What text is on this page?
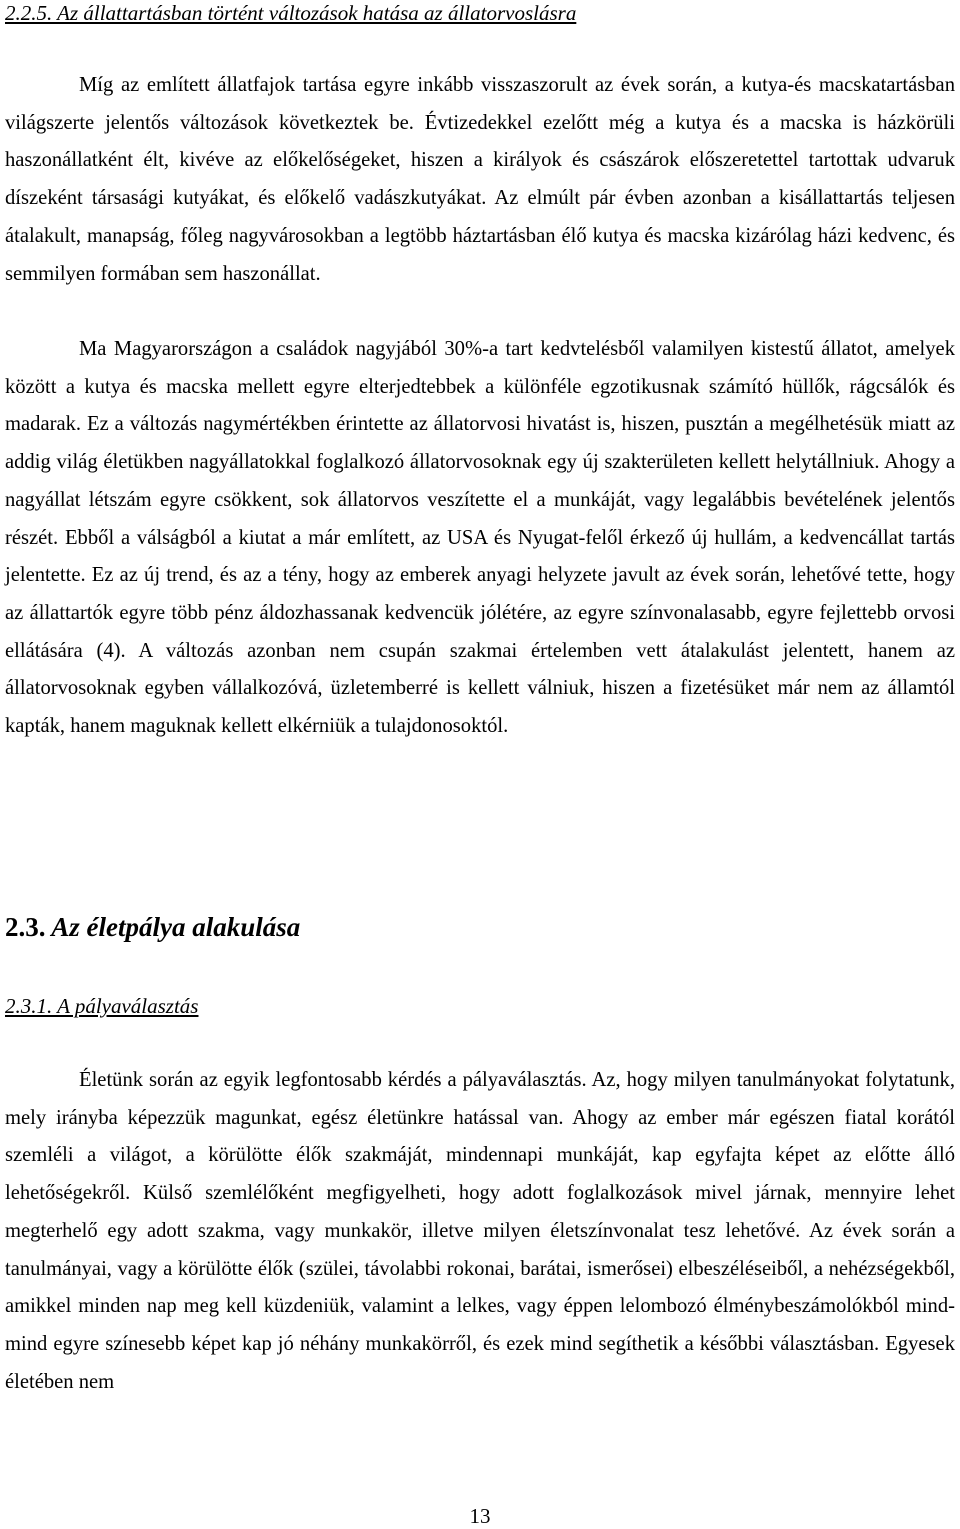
2.2.5. Az állattartásban történt változások hatása az állatorvoslásra

Míg az említett állatfajok tartása egyre inkább visszaszorult az évek során, a kutya-és macskatartásban világszerte jelentős változások következtek be. Évtizedekkel ezelőtt még a kutya és a macska is házkörüli haszonállatként élt, kivéve az előkelőségeket, hiszen a királyok és császárok előszeretettel tartottak udvaruk díszeként társasági kutyákat, és előkelő vadászkutyákat. Az elmúlt pár évben azonban a kisállattartás teljesen átalakult, manapság, főleg nagyvárosokban a legtöbb háztartásban élő kutya és macska kizárólag házi kedvenc, és semmilyen formában sem haszonállat.

Ma Magyarországon a családok nagyjából 30%-a tart kedvtelésből valamilyen kistestű állatot, amelyek között a kutya és macska mellett egyre elterjedtebbek a különféle egzotikusnak számító hüllők, rágcsálók és madarak. Ez a változás nagymértékben érintette az állatorvosi hivatást is, hiszen, pusztán a megélhetésük miatt az addig világ életükben nagyállatokkal foglalkozó állatorvosoknak egy új szakterületen kellett helytállniuk. Ahogy a nagyállat létszám egyre csökkent, sok állatorvos veszítette el a munkáját, vagy legalábbis bevételének jelentős részét. Ebből a válságból a kiutat a már említett, az USA és Nyugat-felől érkező új hullám, a kedvencállat tartás jelentette. Ez az új trend, és az a tény, hogy az emberek anyagi helyzete javult az évek során, lehetővé tette, hogy az állattartók egyre több pénz áldozhassanak kedvencük jólétére, az egyre színvonalasabb, egyre fejlettebb orvosi ellátására (4). A változás azonban nem csupán szakmai értelemben vett átalakulást jelentett, hanem az állatorvosoknak egyben vállalkozóvá, üzletemberré is kellett válniuk, hiszen a fizetésüket már nem az államtól kapták, hanem maguknak kellett elkérniük a tulajdonosoktól.

2.3. Az életpálya alakulása
2.3.1. A pályaválasztás

Életünk során az egyik legfontosabb kérdés a pályaválasztás. Az, hogy milyen tanulmányokat folytatunk, mely irányba képezzük magunkat, egész életünkre hatással van. Ahogy az ember már egészen fiatal korától szemléli a világot, a körülötte élők szakmáját, mindennapi munkáját, kap egyfajta képet az előtte álló lehetőségekről. Külső szemlélőként megfigyelheti, hogy adott foglalkozások mivel járnak, mennyire lehet megterhelő egy adott szakma, vagy munkakör, illetve milyen életszínvonalat tesz lehetővé. Az évek során a tanulmányai, vagy a körülötte élők (szülei, távolabbi rokonai, barátai, ismerősei) elbeszéléseiből, a nehézségekből, amikkel minden nap meg kell küzdeniük, valamint a lelkes, vagy éppen lelombozó élménybeszámolókból mind-mind egyre színesebb képet kap jó néhány munkakörről, és ezek mind segíthetik a későbbi választásban. Egyesek életében nem

13
